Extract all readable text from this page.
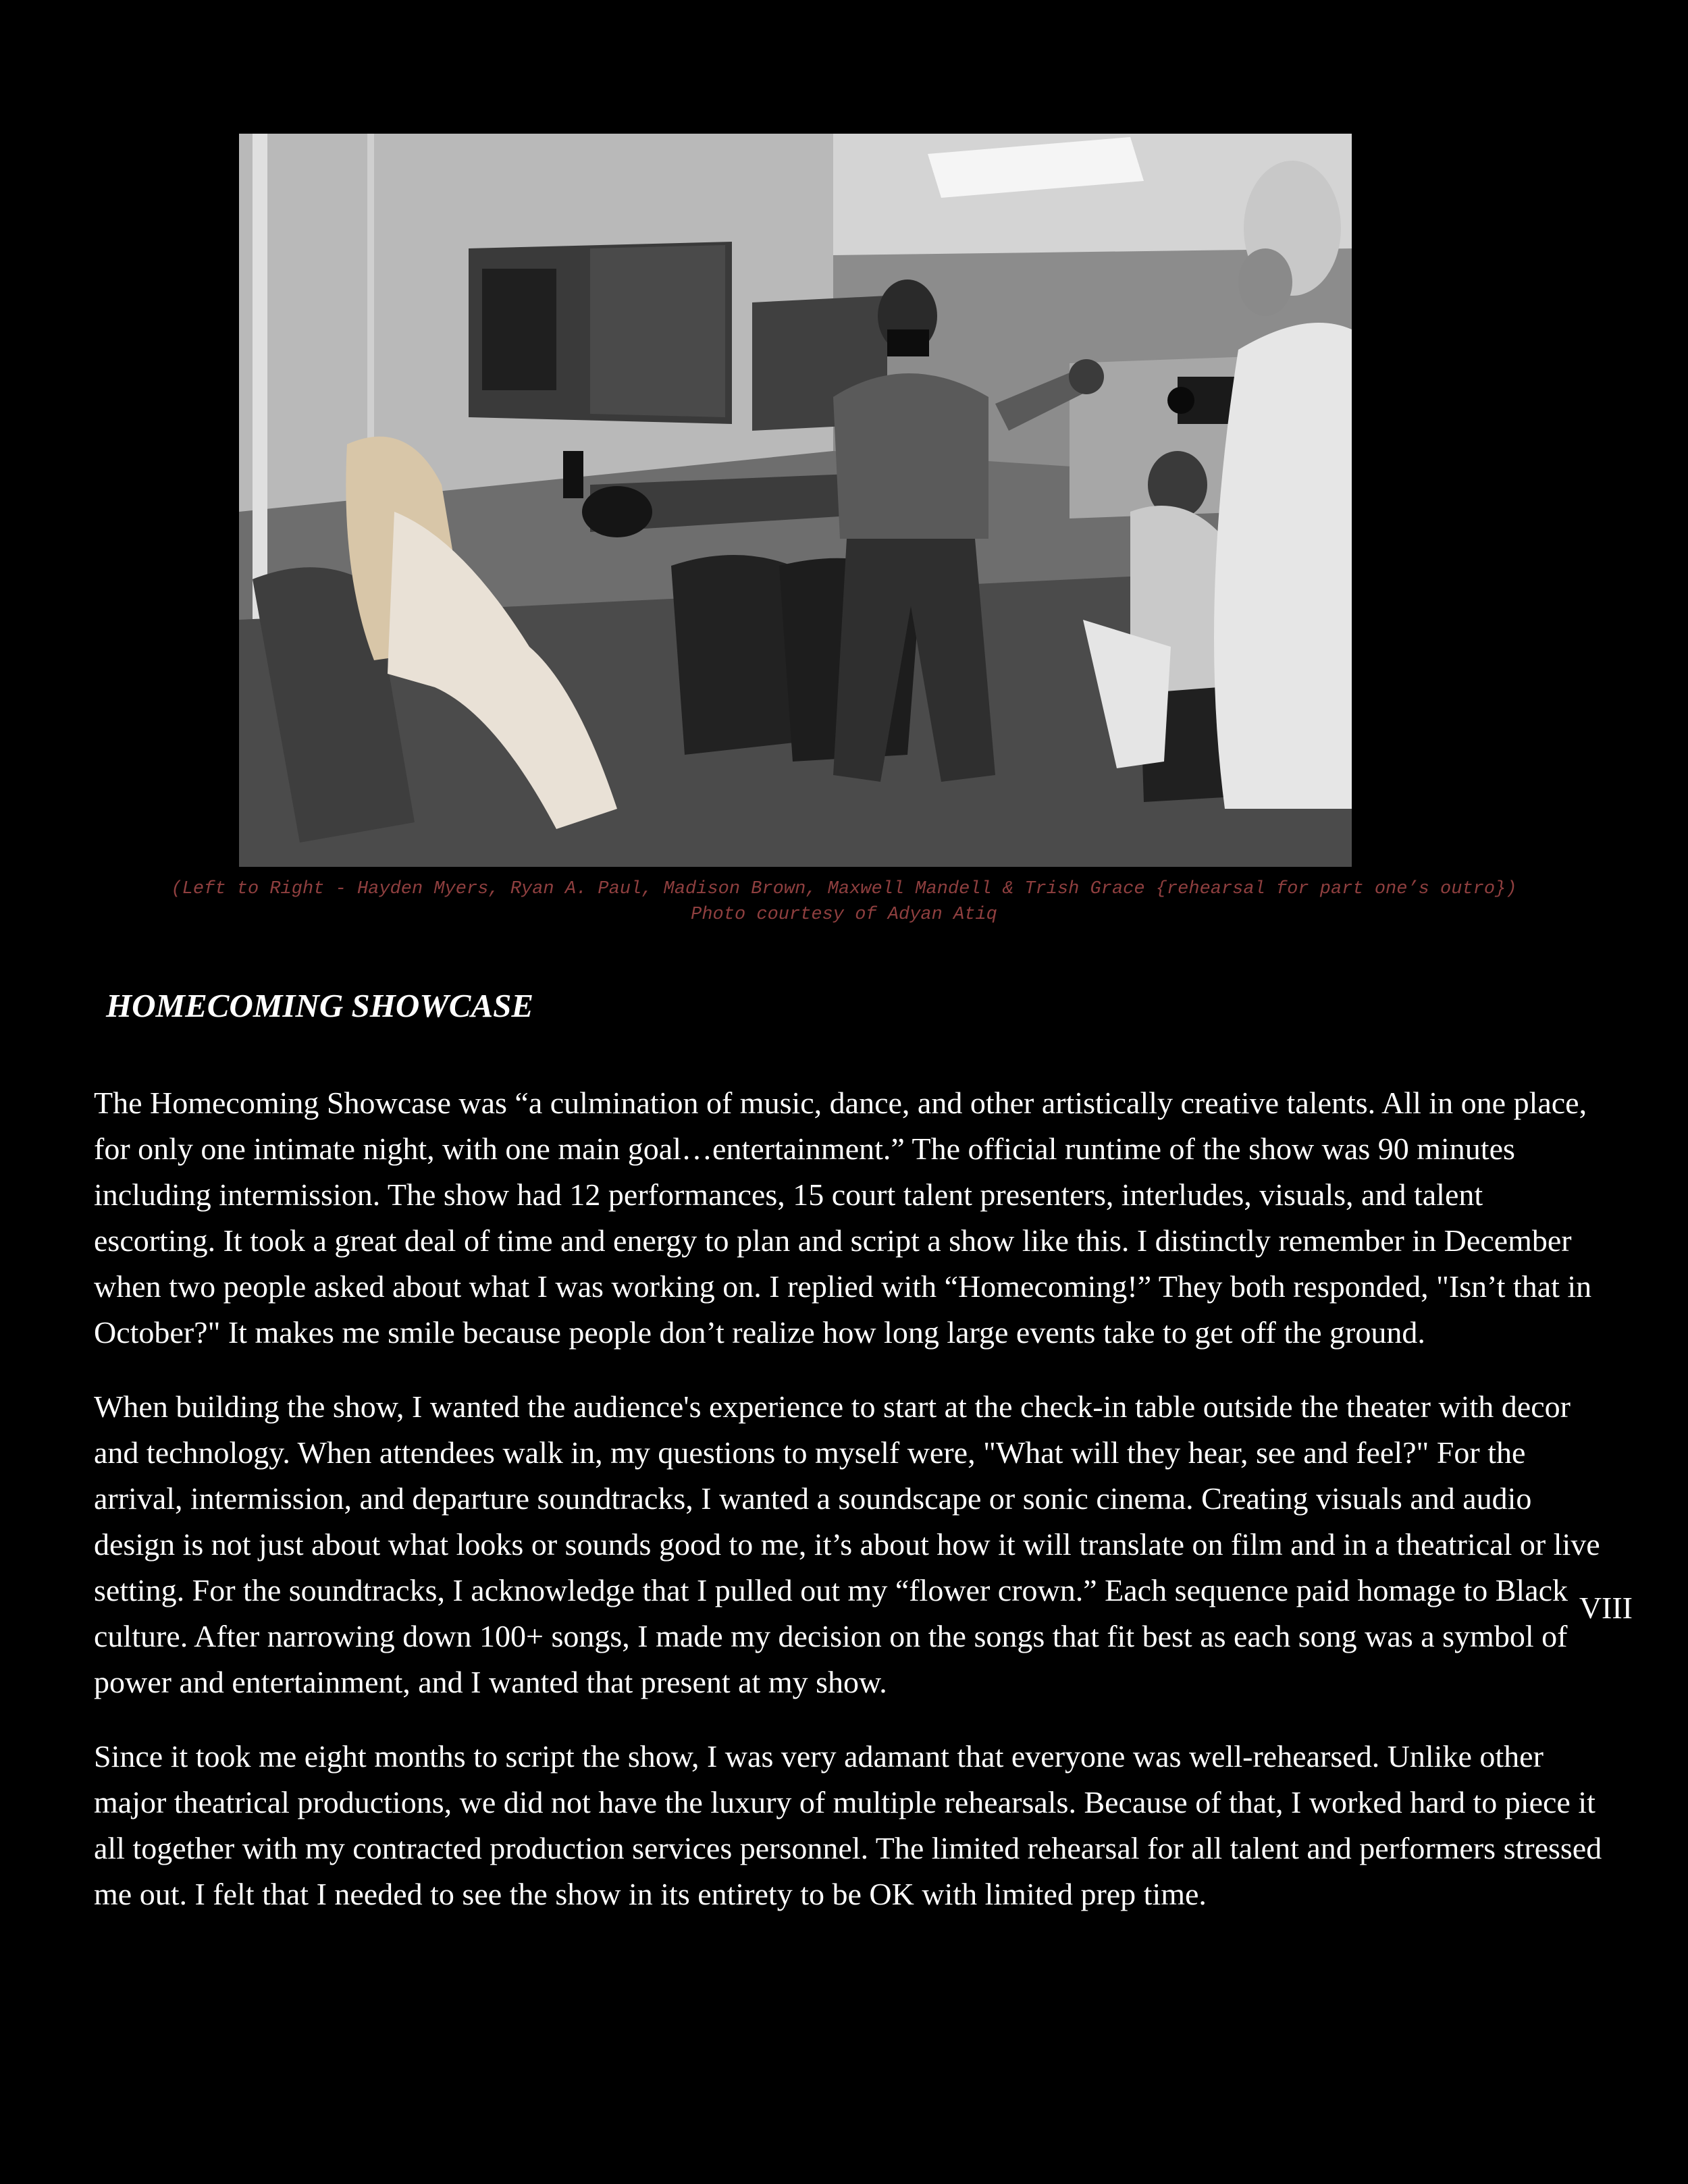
(Left to Right - Hayden Myers, Ryan A. Paul, Madison Brown, Maxwell Mandell & Trish Grace {rehearsal for part one’s outro})
Photo courtesy of Adyan Atiq
HOMECOMING SHOWCASE

The Homecoming Showcase was “a culmination of music, dance, and other artistically creative talents. All in one place, for only one intimate night, with one main goal…entertainment.” The official runtime of the show was 90 minutes including intermission. The show had 12 performances, 15 court talent presenters, interludes, visuals, and talent escorting. It took a great deal of time and energy to plan and script a show like this. I distinctly remember in December when two people asked about what I was working on. I replied with “Homecoming!” They both responded, "Isn’t that in October?" It makes me smile because people don’t realize how long large events take to get off the ground.

When building the show, I wanted the audience's experience to start at the check-in table outside the theater with decor and technology. When attendees walk in, my questions to myself were, "What will they hear, see and feel?" For the arrival, intermission, and departure soundtracks, I wanted a soundscape or sonic cinema. Creating visuals and audio design is not just about what looks or sounds good to me, it’s about how it will translate on film and in a theatrical or live setting. For the soundtracks, I acknowledge that I pulled out my “flower crown.” Each sequence paid homage to Black culture. After narrowing down 100+ songs, I made my decision on the songs that fit best as each song was a symbol of power and entertainment, and I wanted that present at my show.

Since it took me eight months to script the show, I was very adamant that everyone was well-rehearsed. Unlike other major theatrical productions, we did not have the luxury of multiple rehearsals. Because of that, I worked hard to piece it all together with my contracted production services personnel. The limited rehearsal for all talent and performers stressed me out. I felt that I needed to see the show in its entirety to be OK with limited prep time.

VIII
